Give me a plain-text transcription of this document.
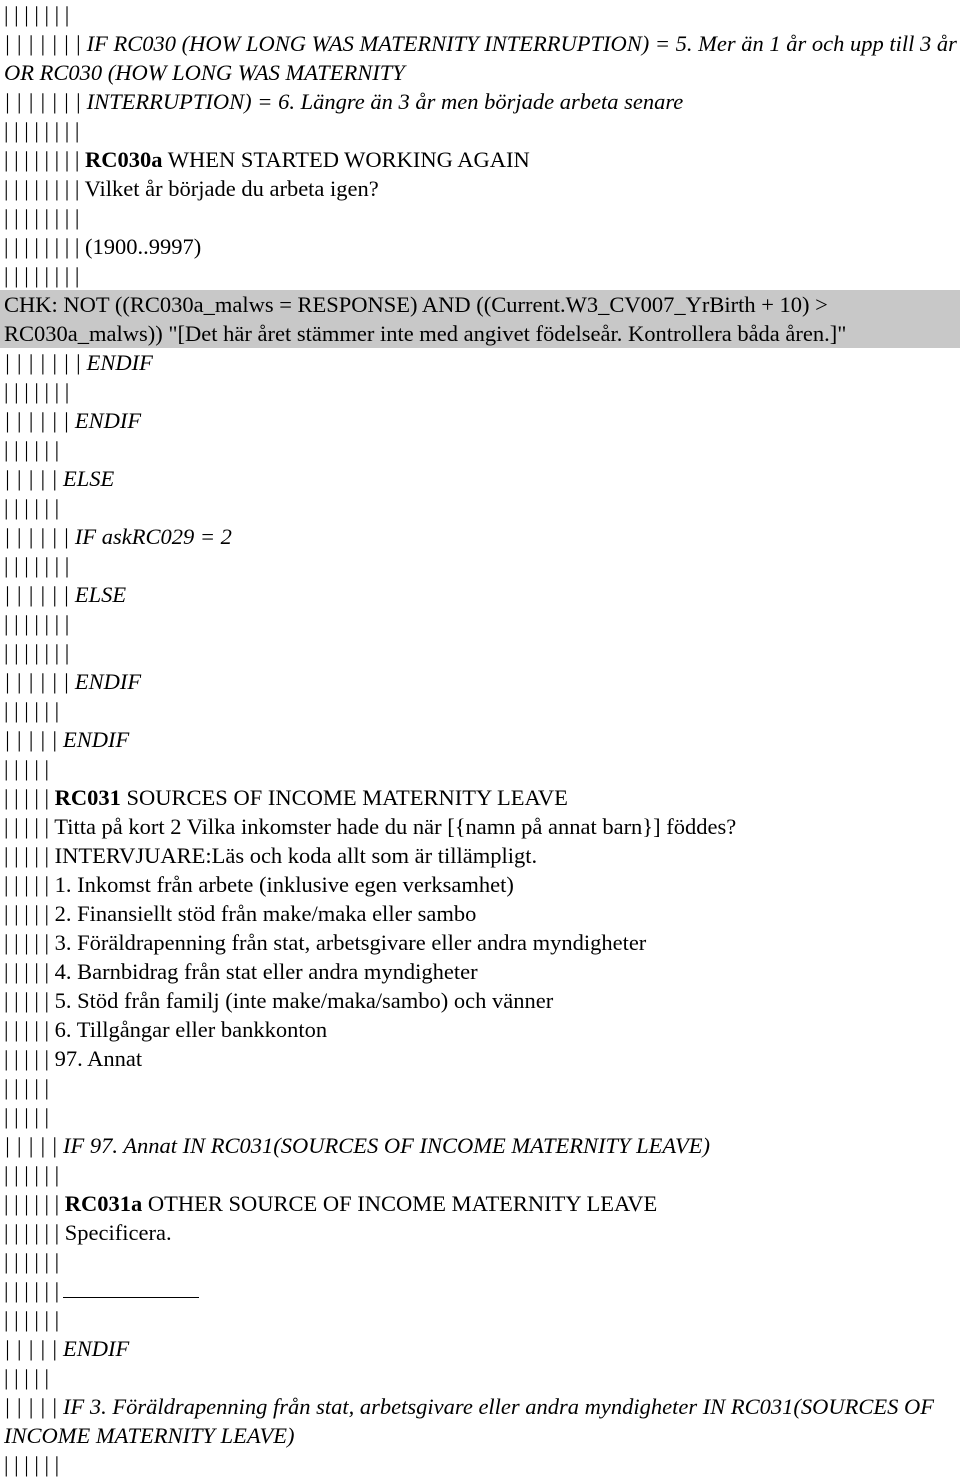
| | | | | | |
| | | | | | | IF RC030 (HOW LONG WAS MATERNITY INTERRUPTION) = 5. Mer än 1 år och upp till 3 år OR RC030 (HOW LONG WAS MATERNITY
| | | | | | | INTERRUPTION) = 6. Längre än 3 år men började arbeta senare
| | | | | | | |
| | | | | | | | RC030a WHEN STARTED WORKING AGAIN
| | | | | | | | Vilket år började du arbeta igen?
| | | | | | | |
| | | | | | | | (1900..9997)
| | | | | | | |
CHK: NOT ((RC030a_malws = RESPONSE) AND ((Current.W3_CV007_YrBirth + 10) > RC030a_malws)) "[Det här året stämmer inte med angivet födelseår. Kontrollera båda åren.]"
| | | | | | | ENDIF
| | | | | | |
| | | | | | ENDIF
| | | | | |
| | | | | ELSE
| | | | | |
| | | | | | IF askRC029 = 2
| | | | | | |
| | | | | | ELSE
| | | | | | |
| | | | | | |
| | | | | | ENDIF
| | | | | |
| | | | | ENDIF
| | | | |
| | | | | RC031 SOURCES OF INCOME MATERNITY LEAVE
| | | | | Titta på kort 2 Vilka inkomster hade du när [{namn på annat barn}] föddes?
| | | | | INTERVJUARE:Läs och koda allt som är tillämpligt.
| | | | | 1. Inkomst från arbete (inklusive egen verksamhet)
| | | | | 2. Finansiellt stöd från make/maka eller sambo
| | | | | 3. Föräldrapenning från stat, arbetsgivare eller andra myndigheter
| | | | | 4. Barnbidrag från stat eller andra myndigheter
| | | | | 5. Stöd från familj (inte make/maka/sambo) och vänner
| | | | | 6. Tillgångar eller bankkonton
| | | | | 97. Annat
| | | | |
| | | | |
| | | | | IF 97. Annat IN RC031(SOURCES OF INCOME MATERNITY LEAVE)
| | | | | |
| | | | | | RC031a OTHER SOURCE OF INCOME MATERNITY LEAVE
| | | | | | Specificera.
| | | | | |
| | | | | |
| | | | | |
| | | | | ENDIF
| | | | |
| | | | | IF 3. Föräldrapenning från stat, arbetsgivare eller andra myndigheter IN RC031(SOURCES OF INCOME MATERNITY LEAVE)
| | | | | |
